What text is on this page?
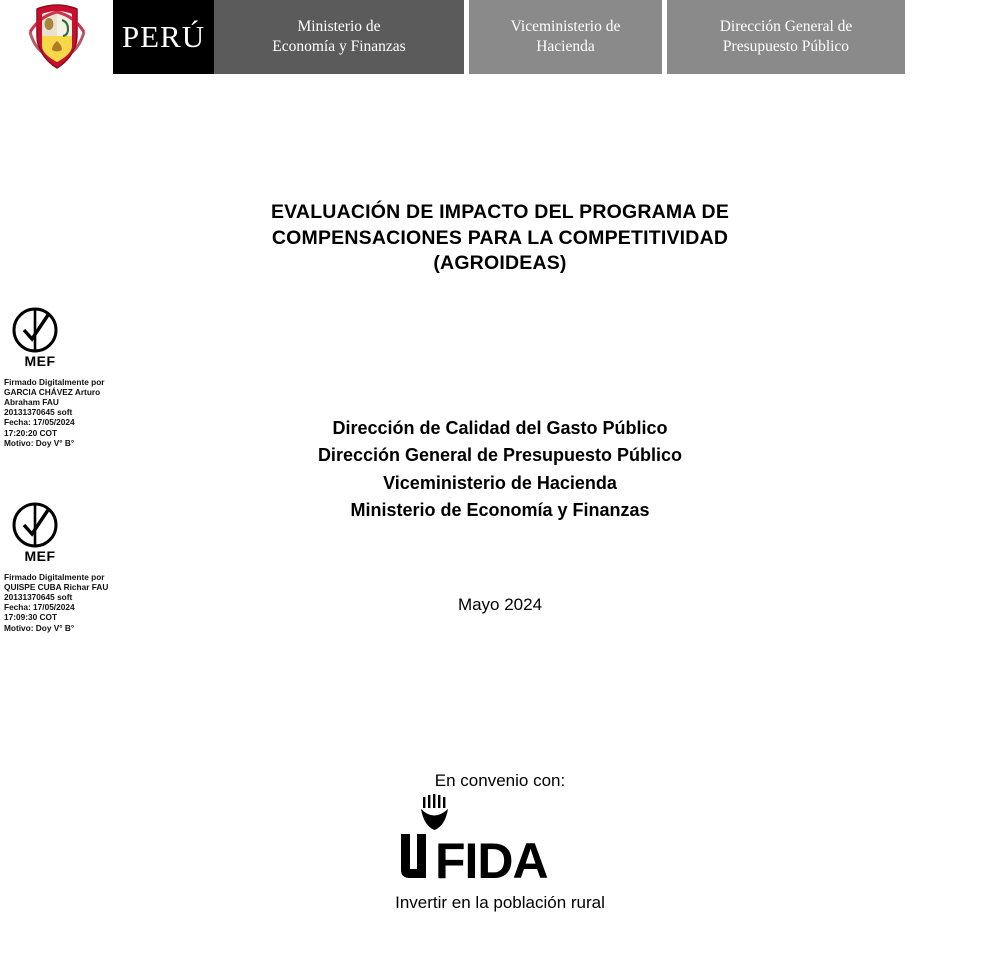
PERÚ	Ministerio de
Economía y Finanzas
Viceministerio de
Hacienda
Dirección General de
Presupuesto Público
EVALUACIÓN DE IMPACTO DEL PROGRAMA DE
COMPENSACIONES PARA LA COMPETITIVIDAD
(AGROIDEAS)
MEF
Firmado Digitalmente por
GARCIA CHÁVEZ Arturo
Abraham FAU
20131370645 soft
Fecha: 17/05/2024
17:20:20 COT
Motivo: Doy V° B°
MEF
Firmado Digitalmente por
QUISPE CUBA Richar FAU
20131370645 soft
Fecha: 17/05/2024
17:09:30 COT
Motivo: Doy V° B°
Dirección de Calidad del Gasto Público
Dirección General de Presupuesto Público
Viceministerio de Hacienda
Ministerio de Economía y Finanzas
Mayo 2024
En convenio con:
FIDA
Invertir en la población rural
